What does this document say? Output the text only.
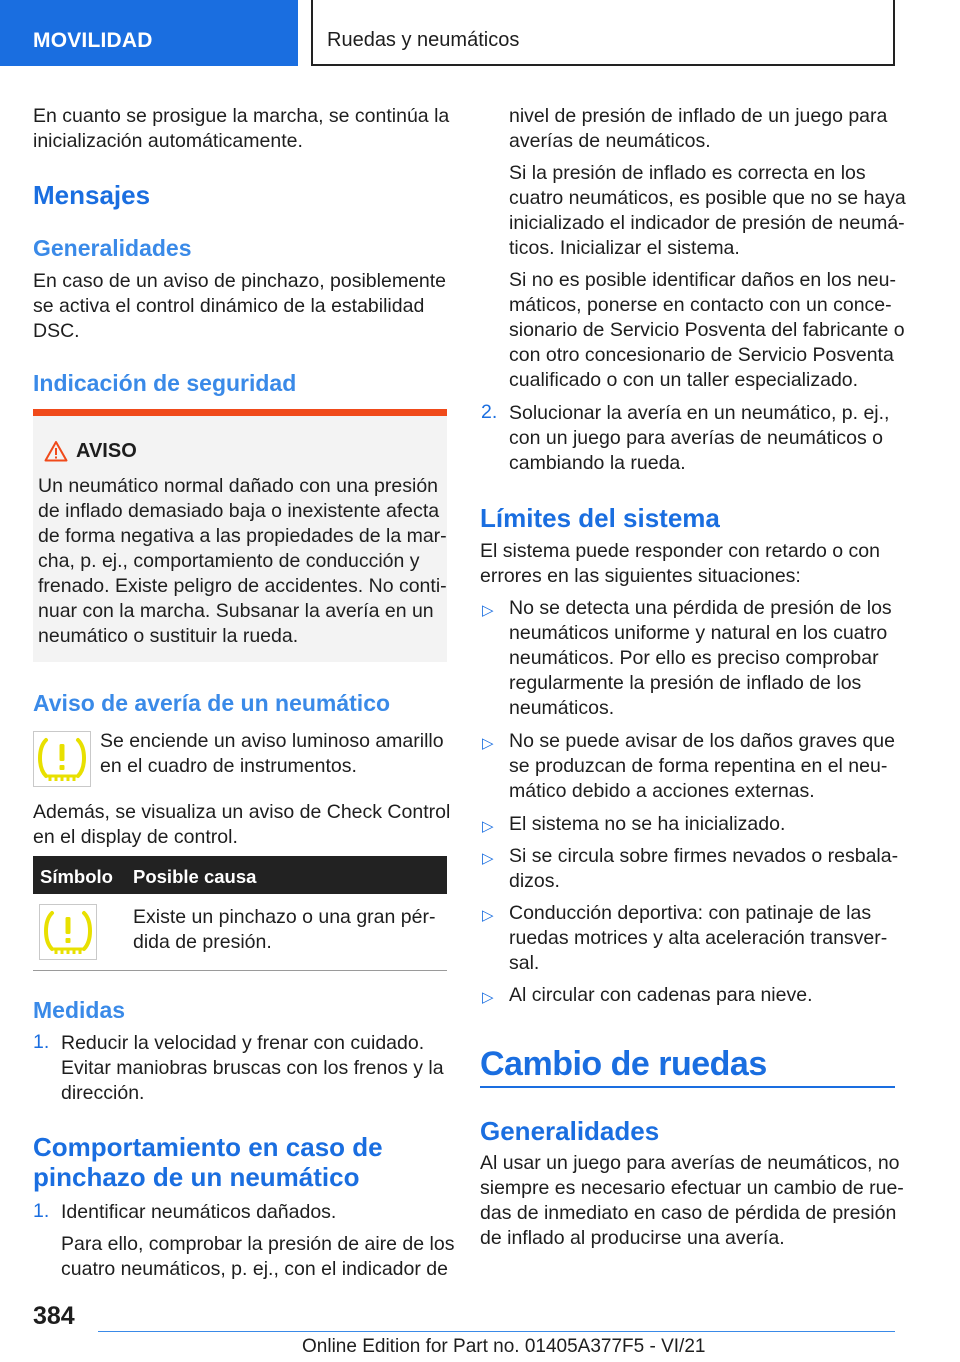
MOVILIDAD	Ruedas y neumáticos
En cuanto se prosigue la marcha, se continúa la
inicialización automáticamente.
Mensajes
Generalidades
En caso de un aviso de pinchazo, posiblemente
se activa el control dinámico de la estabilidad
DSC.
Indicación de seguridad
AVISO
Un neumático normal dañado con una presión
de inflado demasiado baja o inexistente afecta
de forma negativa a las propiedades de la mar‐
cha, p. ej., comportamiento de conducción y
frenado. Existe peligro de accidentes. No conti‐
nuar con la marcha. Subsanar la avería en un
neumático o sustituir la rueda.
Aviso de avería de un neumático
Se enciende un aviso luminoso amarillo
en el cuadro de instrumentos.
Además, se visualiza un aviso de Check Control
en el display de control.
Símbolo Posible causa
Existe un pinchazo o una gran pér‐
dida de presión.
Medidas
1. Reducir la velocidad y frenar con cuidado.
Evitar maniobras bruscas con los frenos y la
dirección.
Comportamiento en caso de
pinchazo de un neumático
1. Identificar neumáticos dañados.
Para ello, comprobar la presión de aire de los
cuatro neumáticos, p. ej., con el indicador de
nivel de presión de inflado de un juego para
averías de neumáticos.
Si la presión de inflado es correcta en los
cuatro neumáticos, es posible que no se haya
inicializado el indicador de presión de neumá‐
ticos. Inicializar el sistema.
Si no es posible identificar daños en los neu‐
máticos, ponerse en contacto con un conce‐
sionario de Servicio Posventa del fabricante o
con otro concesionario de Servicio Posventa
cualificado o con un taller especializado.
2. Solucionar la avería en un neumático, p. ej.,
con un juego para averías de neumáticos o
cambiando la rueda.
Límites del sistema
El sistema puede responder con retardo o con
errores en las siguientes situaciones:
▷ No se detecta una pérdida de presión de los
neumáticos uniforme y natural en los cuatro
neumáticos. Por ello es preciso comprobar
regularmente la presión de inflado de los
neumáticos.
▷ No se puede avisar de los daños graves que
se produzcan de forma repentina en el neu‐
mático debido a acciones externas.
▷ El sistema no se ha inicializado.
▷ Si se circula sobre firmes nevados o resbala‐
dizos.
▷ Conducción deportiva: con patinaje de las
ruedas motrices y alta aceleración transver‐
sal.
▷ Al circular con cadenas para nieve.
Cambio de ruedas
Generalidades
Al usar un juego para averías de neumáticos, no
siempre es necesario efectuar un cambio de rue‐
das de inmediato en caso de pérdida de presión
de inflado al producirse una avería.
384
Online Edition for Part no. 01405A377F5 - VI/21
